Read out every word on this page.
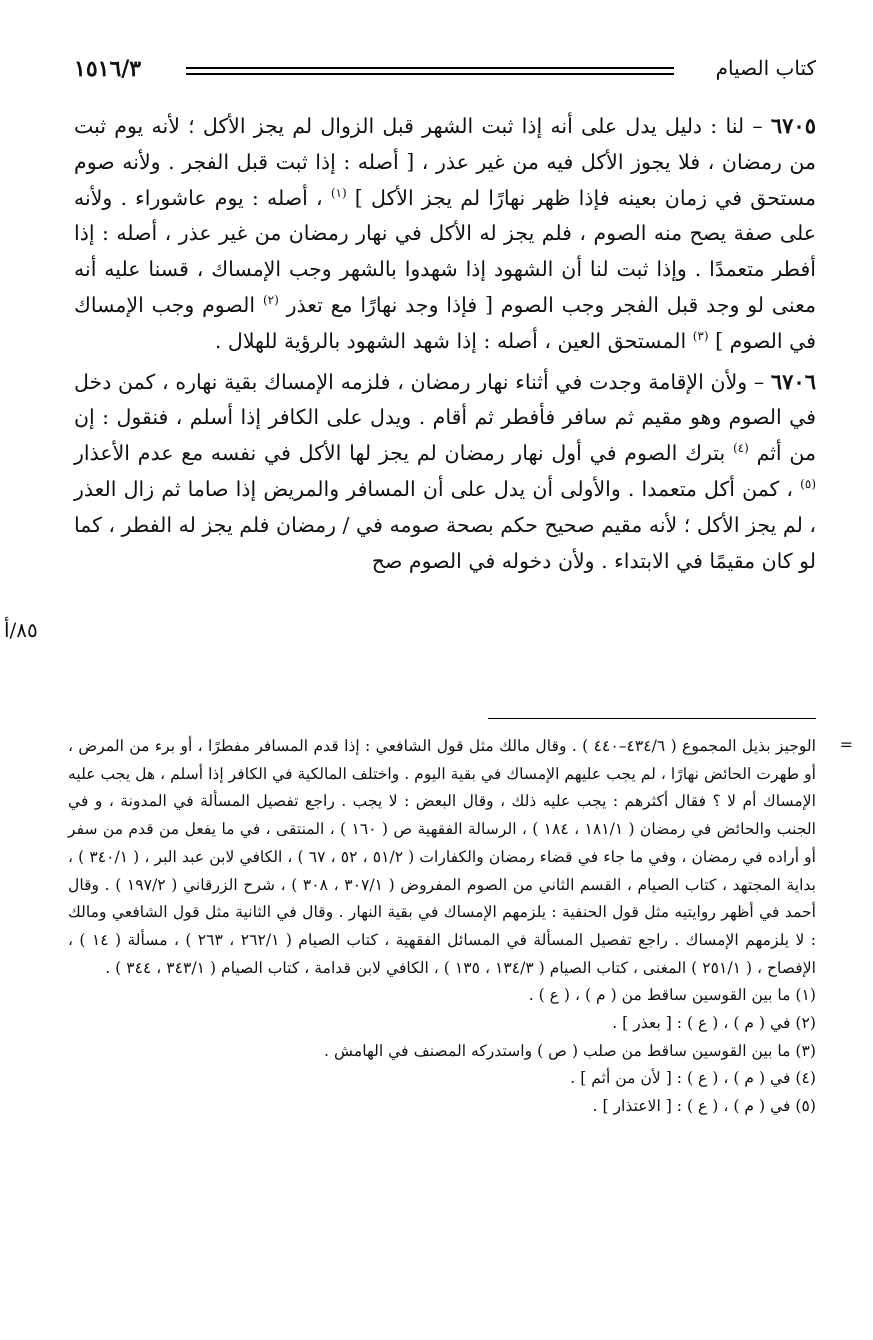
١٥١٦/٣	كتاب الصيام

٦٧٠٥ – لنا : دليل يدل على أنه إذا ثبت الشهر قبل الزوال لم يجز الأكل ؛ لأنه يوم ثبت من رمضان ، فلا يجوز الأكل فيه من غير عذر ، [ أصله : إذا ثبت قبل الفجر . ولأنه صوم مستحق في زمان بعينه فإذا ظهر نهارًا لم يجز الأكل ] $^{(١)}$ ، أصله : يوم عاشوراء . ولأنه على صفة يصح منه الصوم ، فلم يجز له الأكل في نهار رمضان من غير عذر ، أصله : إذا أفطر متعمدًا . وإذا ثبت لنا أن الشهود إذا شهدوا بالشهر وجب الإمساك ، قسنا عليه أنه معنى لو وجد قبل الفجر وجب الصوم [ فإذا وجد نهارًا مع تعذر $^{(٢)}$ الصوم وجب الإمساك في الصوم ] $^{(٣)}$ المستحق العين ، أصله : إذا شهد الشهود بالرؤية للهلال .

٦٧٠٦ – ولأن الإقامة وجدت في أثناء نهار رمضان ، فلزمه الإمساك بقية نهاره ، كمن دخل في الصوم وهو مقيم ثم سافر فأفطر ثم أقام . ويدل على الكافر إذا أسلم ، فنقول : إن من أثم $^{(٤)}$ بترك الصوم في أول نهار رمضان لم يجز لها الأكل في نفسه مع عدم الأعذار $^{(٥)}$ ، كمن أكل متعمدا . والأولى أن يدل على أن المسافر والمريض إذا صاما ثم زال العذر ، لم يجز الأكل ؛ لأنه مقيم صحيح حكم بصحة صومه في / رمضان فلم يجز له الفطر ، كما لو كان مقيمًا في الابتداء . ولأن دخوله في الصوم صح

٨٥/أ
=

الوجيز بذيل المجموع ( ٤٣٤/٦–٤٤٠ ) . وقال مالك مثل قول الشافعي : إذا قدم المسافر مفطرًا ، أو برء من المرض ، أو طهرت الحائض نهارًا ، لم يجب عليهم الإمساك في بقية اليوم . واختلف المالكية في الكافر إذا أسلم ، هل يجب عليه الإمساك أم لا ؟ فقال أكثرهم : يجب عليه ذلك ، وقال البعض : لا يجب . راجع تفصيل المسألة في المدونة ، و في الجنب والحائض في رمضان ( ١٨١/١ ، ١٨٤ ) ، الرسالة الفقهية ص ( ١٦٠ ) ، المنتقى ، في ما يفعل من قدم من سفر أو أراده في رمضان ، وفي ما جاء في قضاء رمضان والكفارات ( ٥١/٢ ، ٥٢ ، ٦٧ ) ، الكافي لابن عبد البر ، ( ٣٤٠/١ ) ، بداية المجتهد ، كتاب الصيام ، القسم الثاني من الصوم المفروض ( ٣٠٧/١ ، ٣٠٨ ) ، شرح الزرقاني ( ١٩٧/٢ ) . وقال أحمد في أظهر روايتيه مثل قول الحنفية : يلزمهم الإمساك في بقية النهار . وقال في الثانية مثل قول الشافعي ومالك : لا يلزمهم الإمساك . راجع تفصيل المسألة في المسائل الفقهية ، كتاب الصيام ( ٢٦٢/١ ، ٢٦٣ ) ، مسألة ( ١٤ ) ، الإفصاح ، ( ٢٥١/١ ) المغنى ، كتاب الصيام ( ١٣٤/٣ ، ١٣٥ ) ، الكافي لابن قدامة ، كتاب الصيام ( ٣٤٣/١ ، ٣٤٤ ) .

(١) ما بين القوسين ساقط من ( م ) ، ( ع ) .

(٢) في ( م ) ، ( ع ) : [ بعذر ] .

(٣) ما بين القوسين ساقط من صلب ( ص ) واستدركه المصنف في الهامش .

(٤) في ( م ) ، ( ع ) : [ لأن من أثم ] .

(٥) في ( م ) ، ( ع ) : [ الاعتذار ] .
